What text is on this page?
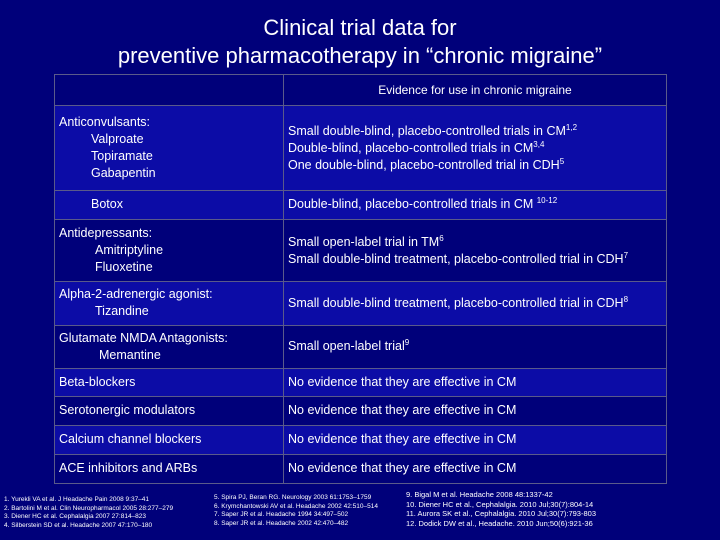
Clinical trial data for
preventive pharmacotherapy in “chronic migraine”
	Evidence for use in chronic migraine

Anticonvulsants:
Valproate
Topiramate
Gabapentin	Small double-blind, placebo-controlled trials in CM$^{1,2}$
Double-blind, placebo-controlled trials in CM$^{3,4}$
One double-blind, placebo-controlled trial in CDH$^5$

Botox	Double-blind, placebo-controlled trials in CM $^{10-12}$

Antidepressants:
Amitriptyline
Fluoxetine	Small open-label trial in $TM^6$
Small double-blind treatment, placebo-controlled trial in CDH$^7$

Alpha-2-adrenergic agonist:
Tizandine	Small double-blind treatment, placebo-controlled trial in CDH$^8$

Glutamate NMDA Antagonists:
Memantine	Small open-label trial$^9$

Beta-blockers	No evidence that they are effective in CM

Serotonergic modulators	No evidence that they are effective in CM

Calcium channel blockers	No evidence that they are effective in CM

ACE inhibitors and ARBs	No evidence that they are effective in CM
1. Yurekli VA et al. J Headache Pain 2008 9:37–41
2. Bartolini M et al. Clin Neuropharmacol 2005 28:277–279
3. Diener HC et al. Cephalalgia 2007 27:814–823
4. Silberstein SD et al. Headache 2007 47:170–180
5. Spira PJ, Beran RG. Neurology 2003 61:1753–1759
6. Krymchantowski AV et al. Headache 2002 42:510–514
7. Saper JR et al. Headache 1994 34:497–502
8. Saper JR et al. Headache 2002 42:470–482
9. Bigal M et al. Headache 2008 48:1337-42
10. Diener HC et al., Cephalalgia. 2010 Jul;30(7):804-14
11. Aurora SK et al., Cephalalgia. 2010 Jul;30(7):793-803
12. Dodick DW et al., Headache. 2010 Jun;50(6):921-36
